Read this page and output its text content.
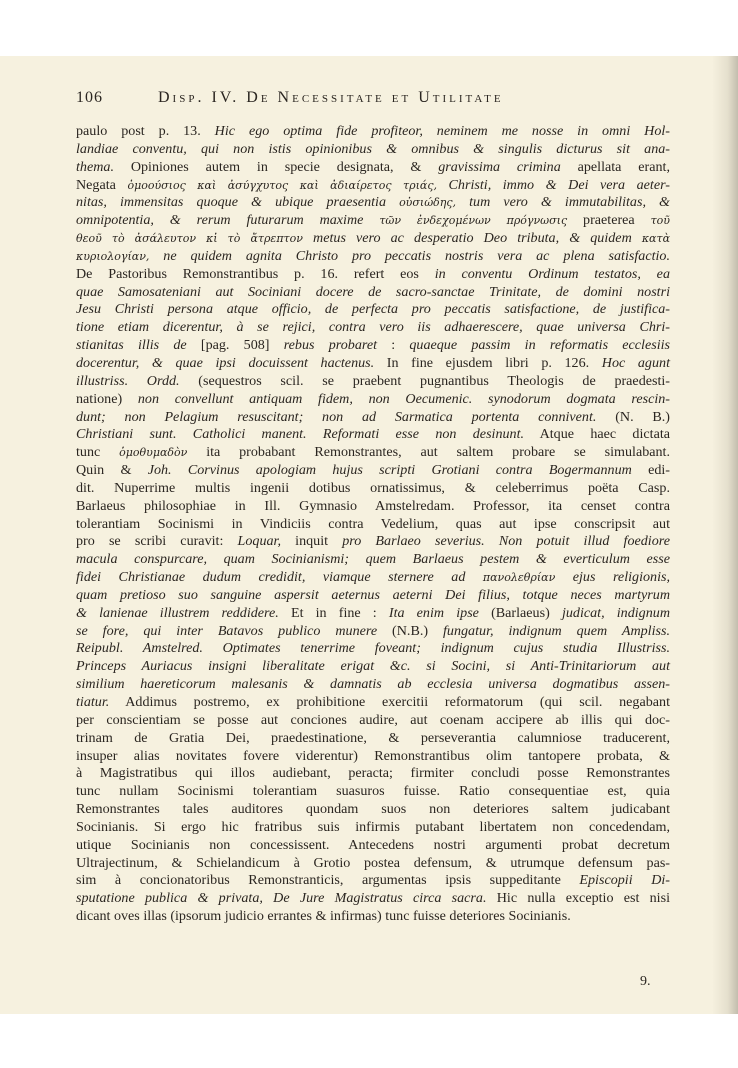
106	Disp. IV. De Necessitate et Utilitate
paulo post p. 13. Hic ego optima fide profiteor, neminem me nosse in omni Hol-
landiae conventu, qui non istis opinionibus & omnibus & singulis dicturus sit ana-
thema. Opiniones autem in specie designata, & gravissima crimina apellata erant,
Negata ὁμοούσιος καὶ ἀσύγχυτος καὶ ἀδιαίρετος τριάς, Christi, immo & Dei vera aeter-
nitas, immensitas quoque & ubique praesentia οὐσιώδης, tum vero & immutabilitas, &
omnipotentia, & rerum futurarum maxime τῶν ἐνδεχομένων πρόγνωσις praeterea τοῦ
θεοῦ τὸ ἀσάλευτον κἰ τὸ ἄτρεπτον metus vero ac desperatio Deo tributa, & quidem κατὰ
κυριολογίαν, ne quidem agnita Christo pro peccatis nostris vera ac plena satisfactio.
De Pastoribus Remonstrantibus p. 16. refert eos in conventu Ordinum testatos, ea
quae Samosateniani aut Sociniani docere de sacro-sanctae Trinitate, de domini nostri
Jesu Christi persona atque officio, de perfecta pro peccatis satisfactione, de justifica-
tione etiam dicerentur, à se rejici, contra vero iis adhaerescere, quae universa Chri-
stianitas illis de [pag. 508] rebus probaret : quaeque passim in reformatis ecclesiis
docerentur, & quae ipsi docuissent hactenus. In fine ejusdem libri p. 126. Hoc agunt
illustriss. Ordd. (sequestros scil. se praebent pugnantibus Theologis de praedesti-
natione) non convellunt antiquam fidem, non Oecumenic. synodorum dogmata rescin-
dunt; non Pelagium resuscitant; non ad Sarmatica portenta connivent. (N. B.)
Christiani sunt. Catholici manent. Reformati esse non desinunt. Atque haec dictata
tunc ὁμοθυμαδὸν ita probabant Remonstrantes, aut saltem probare se simulabant.
Quin & Joh. Corvinus apologiam hujus scripti Grotiani contra Bogermannum edi-
dit. Nuperrime multis ingenii dotibus ornatissimus, & celeberrimus poëta Casp.
Barlaeus philosophiae in Ill. Gymnasio Amstelredam. Professor, ita censet contra
tolerantiam Socinismi in Vindiciis contra Vedelium, quas aut ipse conscripsit aut
pro se scribi curavit: Loquar, inquit pro Barlaeo severius. Non potuit illud foediore
macula conspurcare, quam Socinianismi; quem Barlaeus pestem & everticulum esse
fidei Christianae dudum credidit, viamque sternere ad πανολεθρίαν ejus religionis,
quam pretioso suo sanguine aspersit aeternus aeterni Dei filius, totque neces martyrum
& lanienae illustrem reddidere. Et in fine : Ita enim ipse (Barlaeus) judicat, indignum
se fore, qui inter Batavos publico munere (N.B.) fungatur, indignum quem Ampliss.
Reipubl. Amstelred. Optimates tenerrime foveant; indignum cujus studia Illustriss.
Princeps Auriacus insigni liberalitate erigat &c. si Socini, si Anti-Trinitariorum aut
similium haereticorum malesanis & damnatis ab ecclesia universa dogmatibus assen-
tiatur. Addimus postremo, ex prohibitione exercitii reformatorum (qui scil. negabant
per conscientiam se posse aut conciones audire, aut coenam accipere ab illis qui doc-
trinam de Gratia Dei, praedestinatione, & perseverantia calumniose traducerent,
insuper alias novitates fovere viderentur) Remonstrantibus olim tantopere probata, &
à Magistratibus qui illos audiebant, peracta; firmiter concludi posse Remonstrantes
tunc nullam Socinismi tolerantiam suasuros fuisse. Ratio consequentiae est, quia
Remonstrantes tales auditores quondam suos non deteriores saltem judicabant
Socinianis. Si ergo hic fratribus suis infirmis putabant libertatem non concedendam,
utique Socinianis non concessissent. Antecedens nostri argumenti probat decretum
Ultrajectinum, & Schielandicum à Grotio postea defensum, & utrumque defensum pas-
sim à concionatoribus Remonstranticis, argumentas ipsis suppeditante Episcopii Di-
sputatione publica & privata, De Jure Magistratus circa sacra. Hic nulla exceptio est nisi
dicant oves illas (ipsorum judicio errantes & infirmas) tunc fuisse deteriores Socinianis.
9.
